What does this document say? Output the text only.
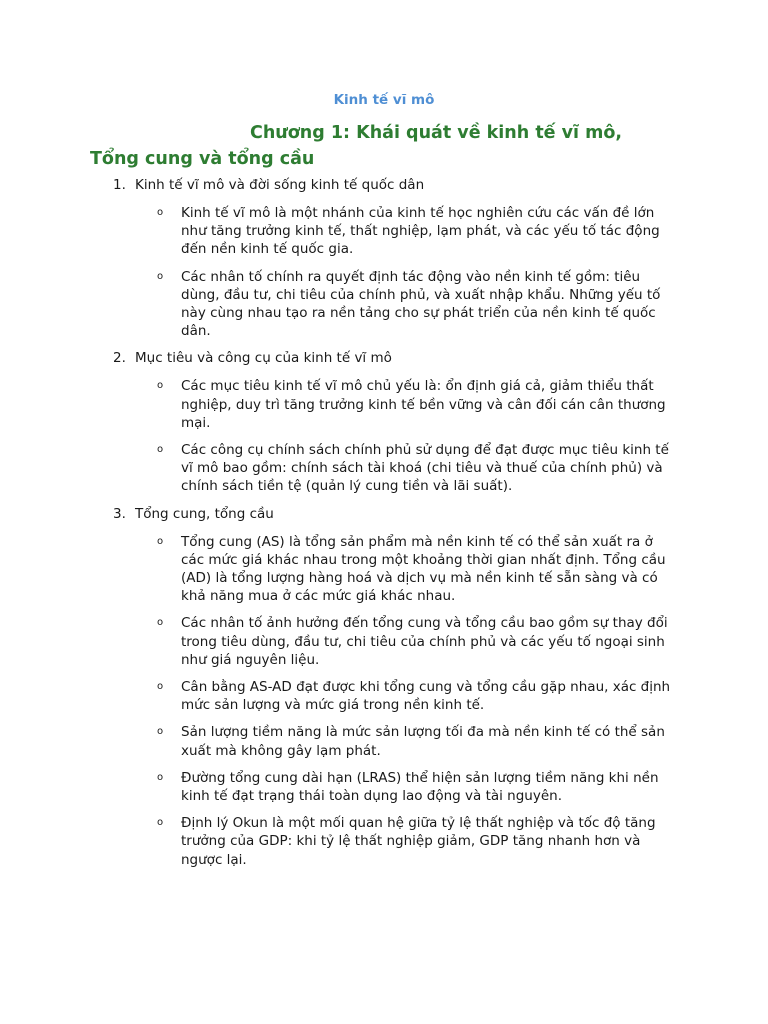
Kinh tế vĩ mô
Chương 1: Khái quát về kinh tế vĩ mô,
Tổng cung và tổng cầu
1. Kinh tế vĩ mô và đời sống kinh tế quốc dân
o Kinh tế vĩ mô là một nhánh của kinh tế học nghiên cứu các vấn đề lớn như tăng trưởng kinh tế, thất nghiệp, lạm phát, và các yếu tố tác động đến nền kinh tế quốc gia.
o Các nhân tố chính ra quyết định tác động vào nền kinh tế gồm: tiêu dùng, đầu tư, chi tiêu của chính phủ, và xuất nhập khẩu. Những yếu tố này cùng nhau tạo ra nền tảng cho sự phát triển của nền kinh tế quốc dân.
2. Mục tiêu và công cụ của kinh tế vĩ mô
o Các mục tiêu kinh tế vĩ mô chủ yếu là: ổn định giá cả, giảm thiểu thất nghiệp, duy trì tăng trưởng kinh tế bền vững và cân đối cán cân thương mại.
o Các công cụ chính sách chính phủ sử dụng để đạt được mục tiêu kinh tế vĩ mô bao gồm: chính sách tài khoá (chi tiêu và thuế của chính phủ) và chính sách tiền tệ (quản lý cung tiền và lãi suất).
3. Tổng cung, tổng cầu
o Tổng cung (AS) là tổng sản phẩm mà nền kinh tế có thể sản xuất ra ở các mức giá khác nhau trong một khoảng thời gian nhất định. Tổng cầu (AD) là tổng lượng hàng hoá và dịch vụ mà nền kinh tế sẵn sàng và có khả năng mua ở các mức giá khác nhau.
o Các nhân tố ảnh hưởng đến tổng cung và tổng cầu bao gồm sự thay đổi trong tiêu dùng, đầu tư, chi tiêu của chính phủ và các yếu tố ngoại sinh như giá nguyên liệu.
o Cân bằng AS-AD đạt được khi tổng cung và tổng cầu gặp nhau, xác định mức sản lượng và mức giá trong nền kinh tế.
o Sản lượng tiềm năng là mức sản lượng tối đa mà nền kinh tế có thể sản xuất mà không gây lạm phát.
o Đường tổng cung dài hạn (LRAS) thể hiện sản lượng tiềm năng khi nền kinh tế đạt trạng thái toàn dụng lao động và tài nguyên.
o Định lý Okun là một mối quan hệ giữa tỷ lệ thất nghiệp và tốc độ tăng trưởng của GDP: khi tỷ lệ thất nghiệp giảm, GDP tăng nhanh hơn và ngược lại.
